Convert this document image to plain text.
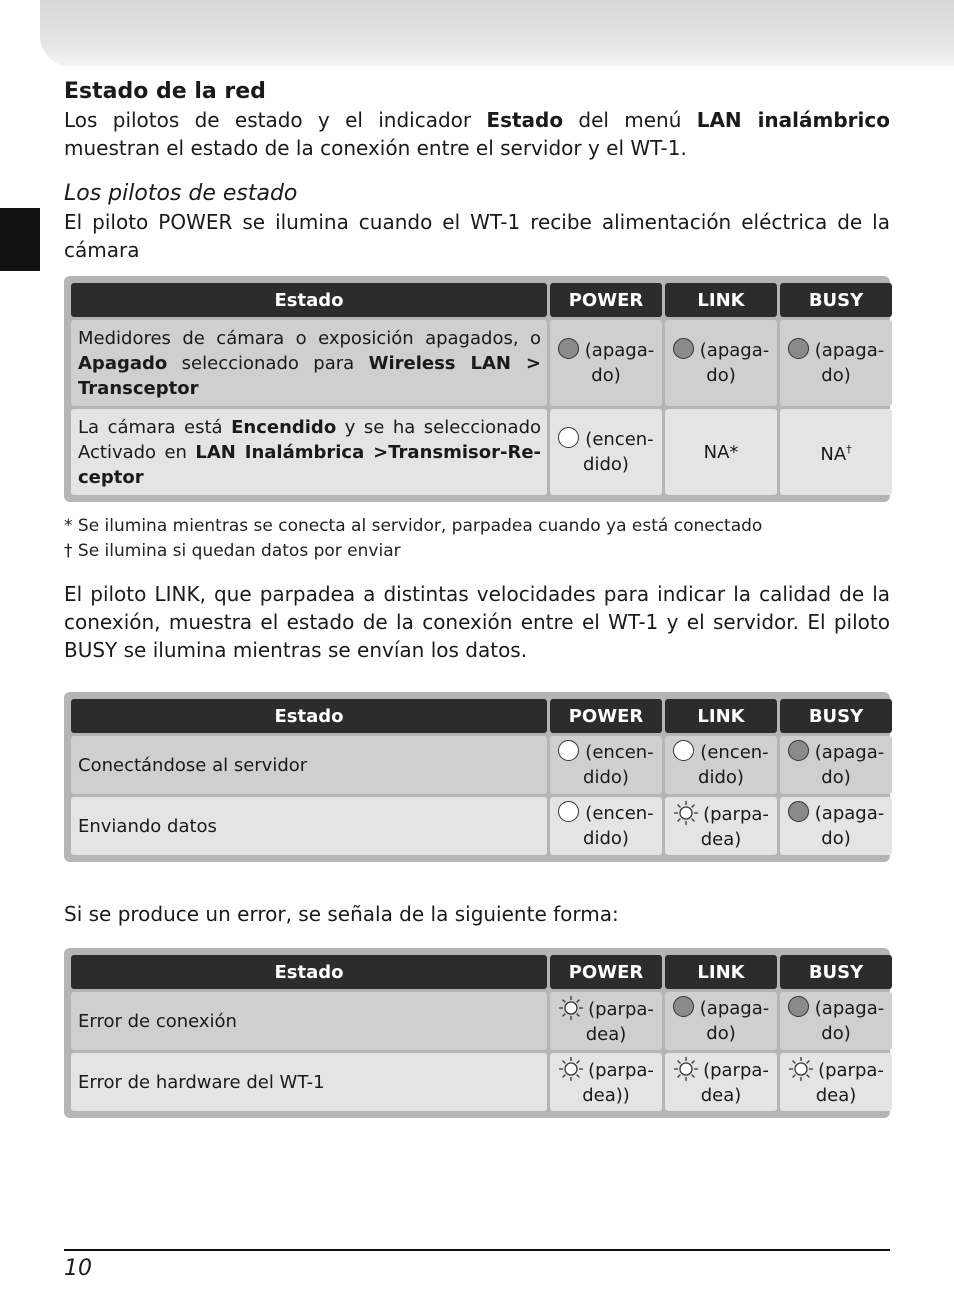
Estado de la red

Los pilotos de estado y el indicador Estado del menú LAN inalámbrico muestran el estado de la conexión entre el servidor y el WT-1.

Los pilotos de estado

El piloto POWER se ilumina cuando el WT-1 recibe alimentación eléctrica de la cámara

Estado	POWER	LINK	BUSY
Medidores de cámara o exposición apagados, o Apagado seleccionado para Wireless LAN > Transceptor	(apaga-do)	(apaga-do)	(apaga-do)
La cámara está Encendido y se ha seleccionado Activado en LAN Inalámbrica >Transmisor-Re-ceptor	(encen-dido)	NA*	NA†
* Se ilumina mientras se conecta al servidor, parpadea cuando ya está conectado
† Se ilumina si quedan datos por enviar

El piloto LINK, que parpadea a distintas velocidades para indicar la calidad de la conexión, muestra el estado de la conexión entre el WT-1 y el servidor. El piloto BUSY se ilumina mientras se envían los datos.

Estado	POWER	LINK	BUSY
Conectándose al servidor	(encen-dido)	(encen-dido)	(apaga-do)
Enviando datos	(encen-dido)	(parpa-dea)	(apaga-do)

Si se produce un error, se señala de la siguiente forma:

Estado	POWER	LINK	BUSY
Error de conexión	(parpa-dea)	(apaga-do)	(apaga-do)
Error de hardware del WT-1	(parpa-dea))	(parpa-dea)	(parpa-dea)
10
